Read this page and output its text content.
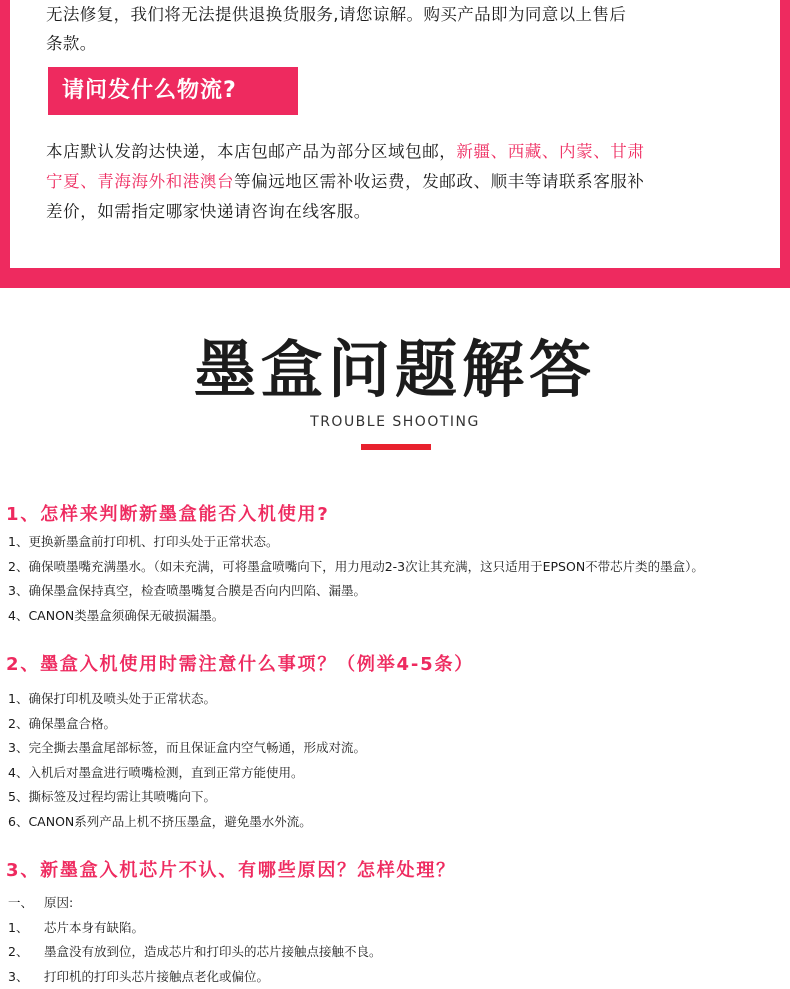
无法修复，我们将无法提供退换货服务,请您谅解。购买产品即为同意以上售后
条款。
请问发什么物流?
本店默认发韵达快递，本店包邮产品为部分区域包邮，新疆、西藏、内蒙、甘肃
宁夏、青海海外和港澳台等偏远地区需补收运费，发邮政、顺丰等请联系客服补
差价，如需指定哪家快递请咨询在线客服。
墨盒问题解答
TROUBLE SHOOTING
1、怎样来判断新墨盒能否入机使用?
1、更换新墨盒前打印机、打印头处于正常状态。
2、确保喷墨嘴充满墨水。（如未充满，可将墨盒喷嘴向下，用力甩动2-3次让其充满，这只适用于EPSON不带芯片类的墨盒）。
3、确保墨盒保持真空，检查喷墨嘴复合膜是否向内凹陷、漏墨。
4、CANON类墨盒须确保无破损漏墨。
2、墨盒入机使用时需注意什么事项？（例举4-5条）
1、确保打印机及喷头处于正常状态。
2、确保墨盒合格。
3、完全撕去墨盒尾部标签，而且保证盒内空气畅通，形成对流。
4、入机后对墨盒进行喷嘴检测，直到正常方能使用。
5、撕标签及过程均需让其喷嘴向下。
6、CANON系列产品上机不挤压墨盒，避免墨水外流。
3、新墨盒入机芯片不认、有哪些原因？怎样处理？
一、 原因:
1、 芯片本身有缺陷。
2、 墨盒没有放到位，造成芯片和打印头的芯片接触点接触不良。
3、 打印机的打印头芯片接触点老化或偏位。
